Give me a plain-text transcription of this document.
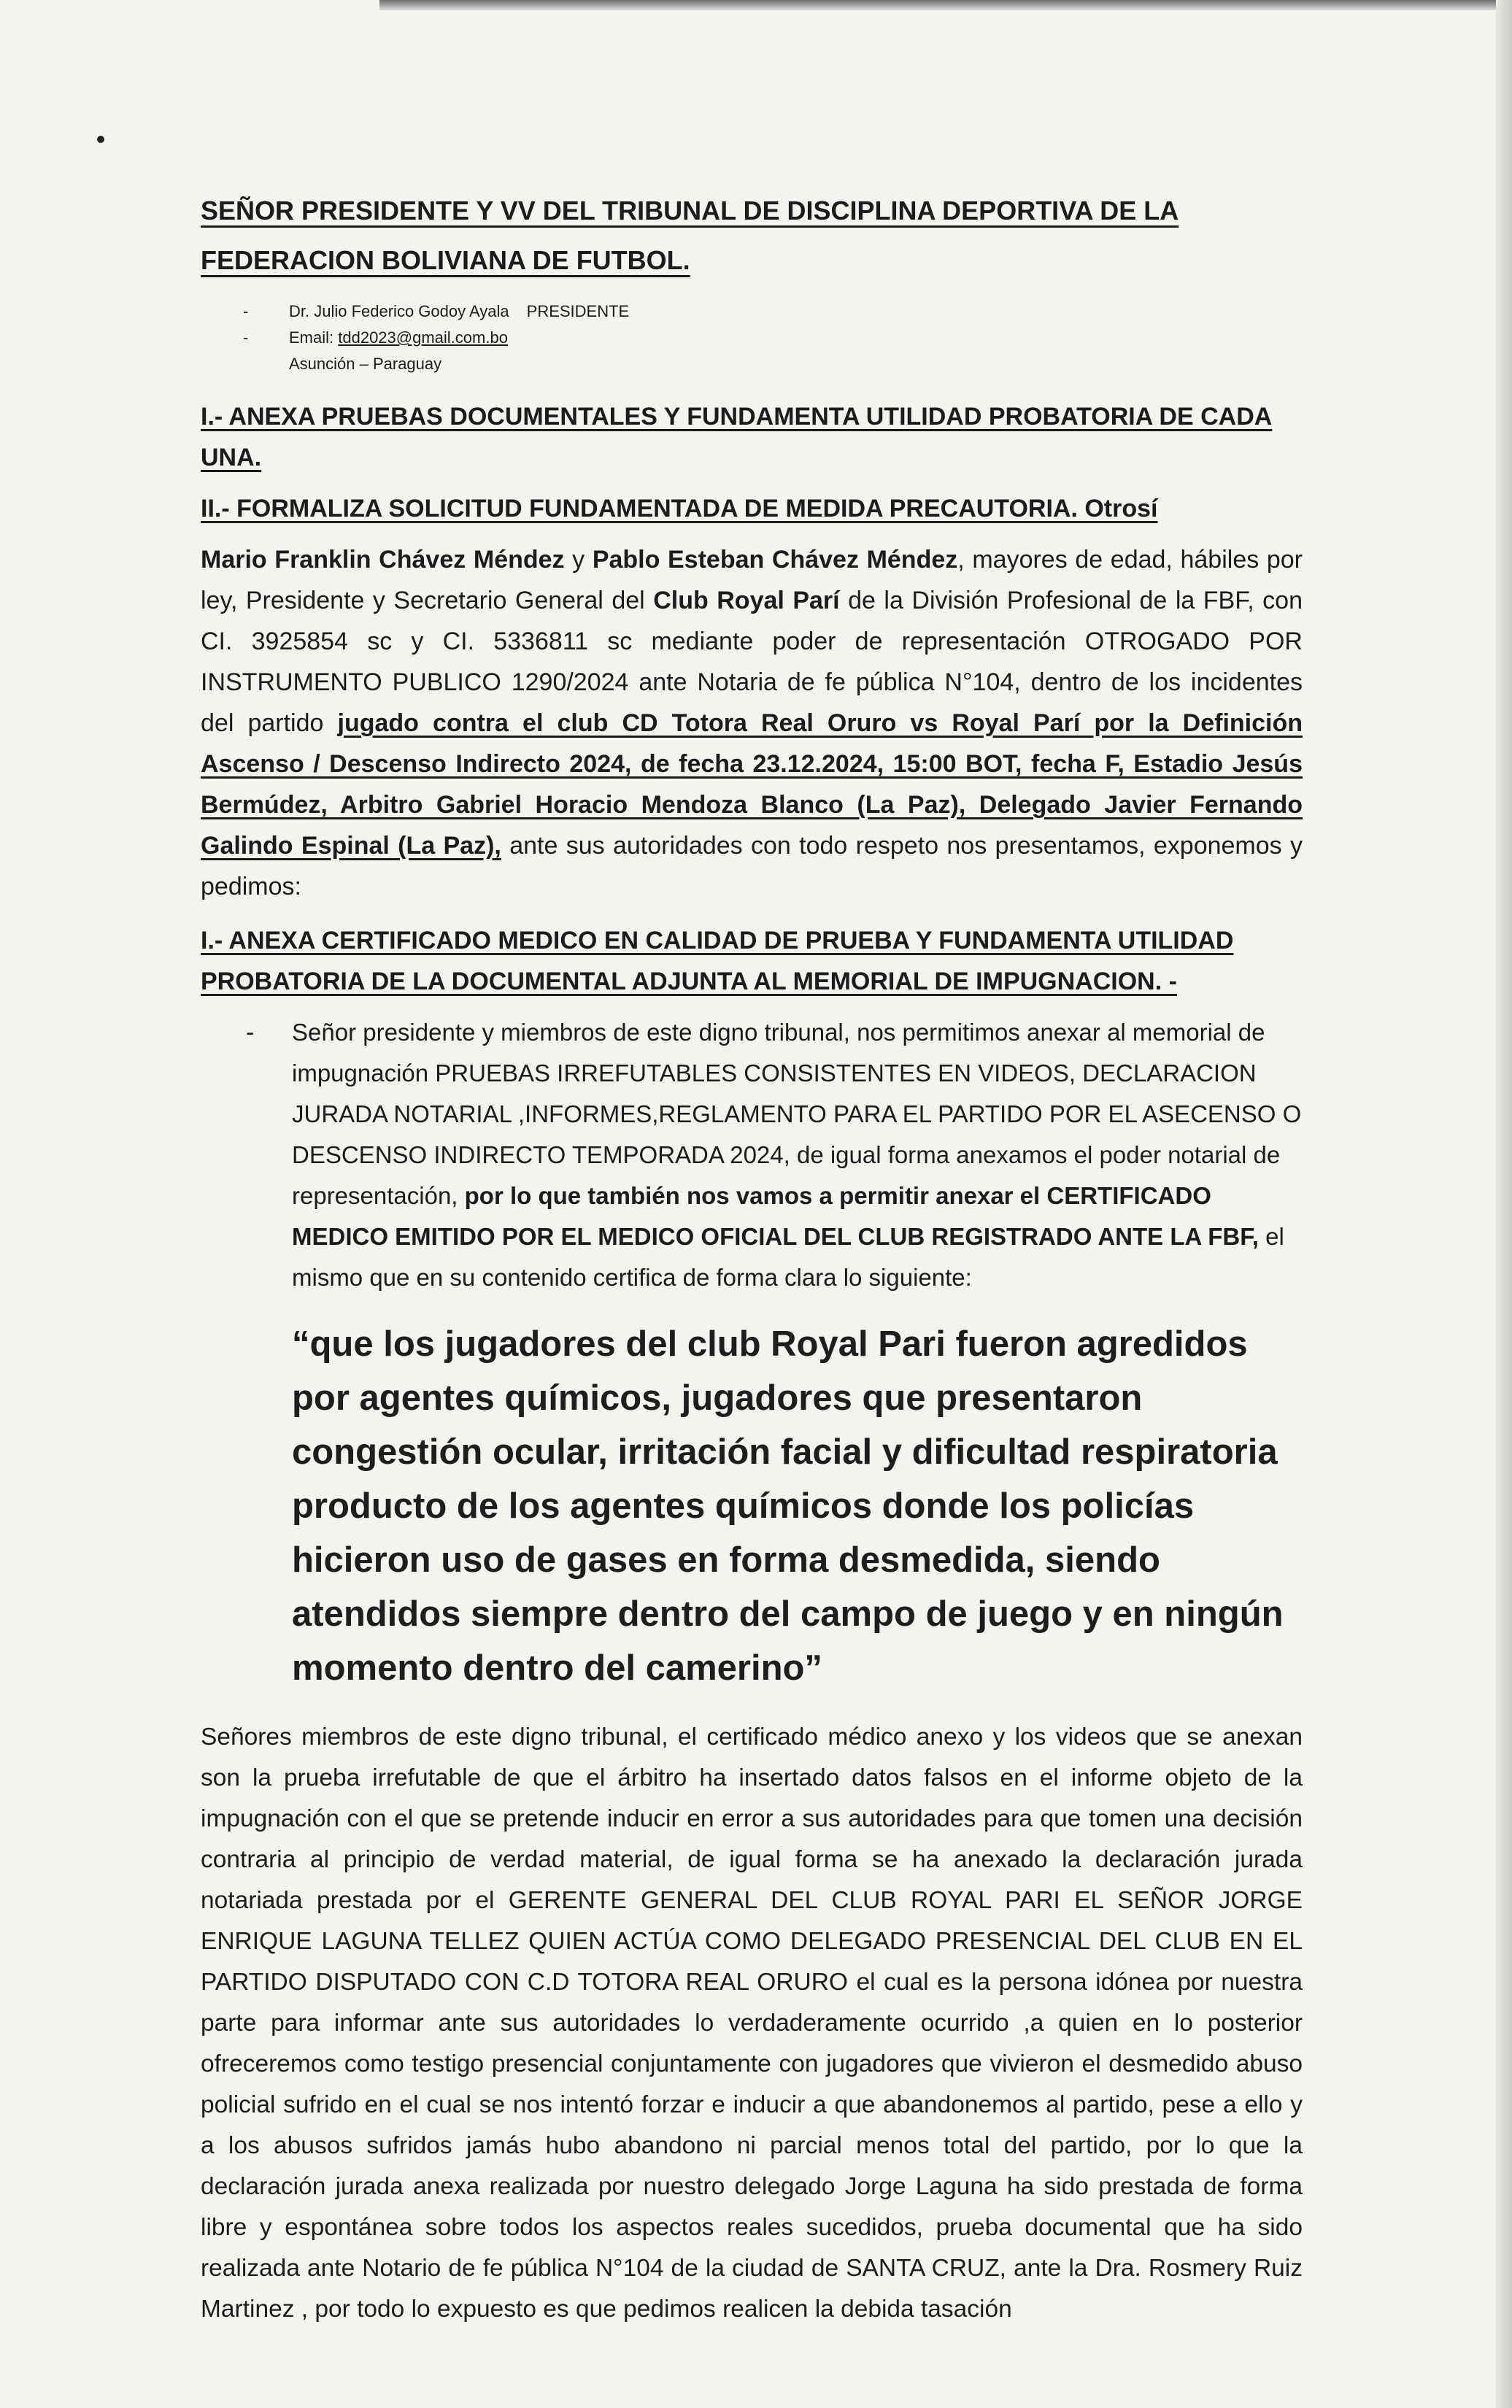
SEÑOR PRESIDENTE Y VV DEL TRIBUNAL DE DISCIPLINA DEPORTIVA DE LA FEDERACION BOLIVIANA DE FUTBOL.
- Dr. Julio Federico Godoy Ayala PRESIDENTE
- Email: tdd2023@gmail.com.bo
Asunción – Paraguay
I.- ANEXA PRUEBAS DOCUMENTALES Y FUNDAMENTA UTILIDAD PROBATORIA DE CADA UNA.
II.- FORMALIZA SOLICITUD FUNDAMENTADA DE MEDIDA PRECAUTORIA. Otrosí

Mario Franklin Chávez Méndez y Pablo Esteban Chávez Méndez, mayores de edad, hábiles por ley, Presidente y Secretario General del Club Royal Parí de la División Profesional de la FBF, con CI. 3925854 sc y CI. 5336811 sc mediante poder de representación OTROGADO POR INSTRUMENTO PUBLICO 1290/2024 ante Notaria de fe pública N°104, dentro de los incidentes del partido jugado contra el club CD Totora Real Oruro vs Royal Parí por la Definición Ascenso / Descenso Indirecto 2024, de fecha 23.12.2024, 15:00 BOT, fecha F, Estadio Jesús Bermúdez, Arbitro Gabriel Horacio Mendoza Blanco (La Paz), Delegado Javier Fernando Galindo Espinal (La Paz), ante sus autoridades con todo respeto nos presentamos, exponemos y pedimos:

I.- ANEXA CERTIFICADO MEDICO EN CALIDAD DE PRUEBA Y FUNDAMENTA UTILIDAD PROBATORIA DE LA DOCUMENTAL ADJUNTA AL MEMORIAL DE IMPUGNACION. -

- Señor presidente y miembros de este digno tribunal, nos permitimos anexar al memorial de impugnación PRUEBAS IRREFUTABLES CONSISTENTES EN VIDEOS, DECLARACION JURADA NOTARIAL ,INFORMES,REGLAMENTO PARA EL PARTIDO POR EL ASECENSO O DESCENSO INDIRECTO TEMPORADA 2024, de igual forma anexamos el poder notarial de representación, por lo que también nos vamos a permitir anexar el CERTIFICADO MEDICO EMITIDO POR EL MEDICO OFICIAL DEL CLUB REGISTRADO ANTE LA FBF, el mismo que en su contenido certifica de forma clara lo siguiente:

“que los jugadores del club Royal Pari fueron agredidos por agentes químicos, jugadores que presentaron congestión ocular, irritación facial y dificultad respiratoria producto de los agentes químicos donde los policías hicieron uso de gases en forma desmedida, siendo atendidos siempre dentro del campo de juego y en ningún momento dentro del camerino”

Señores miembros de este digno tribunal, el certificado médico anexo y los videos que se anexan son la prueba irrefutable de que el árbitro ha insertado datos falsos en el informe objeto de la impugnación con el que se pretende inducir en error a sus autoridades para que tomen una decisión contraria al principio de verdad material, de igual forma se ha anexado la declaración jurada notariada prestada por el GERENTE GENERAL DEL CLUB ROYAL PARI EL SEÑOR JORGE ENRIQUE LAGUNA TELLEZ QUIEN ACTÚA COMO DELEGADO PRESENCIAL DEL CLUB EN EL PARTIDO DISPUTADO CON C.D TOTORA REAL ORURO el cual es la persona idónea por nuestra parte para informar ante sus autoridades lo verdaderamente ocurrido ,a quien en lo posterior ofreceremos como testigo presencial conjuntamente con jugadores que vivieron el desmedido abuso policial sufrido en el cual se nos intentó forzar e inducir a que abandonemos al partido, pese a ello y a los abusos sufridos jamás hubo abandono ni parcial menos total del partido, por lo que la declaración jurada anexa realizada por nuestro delegado Jorge Laguna ha sido prestada de forma libre y espontánea sobre todos los aspectos reales sucedidos, prueba documental que ha sido realizada ante Notario de fe pública N°104 de la ciudad de SANTA CRUZ, ante la Dra. Rosmery Ruiz Martinez , por todo lo expuesto es que pedimos realicen la debida tasación
